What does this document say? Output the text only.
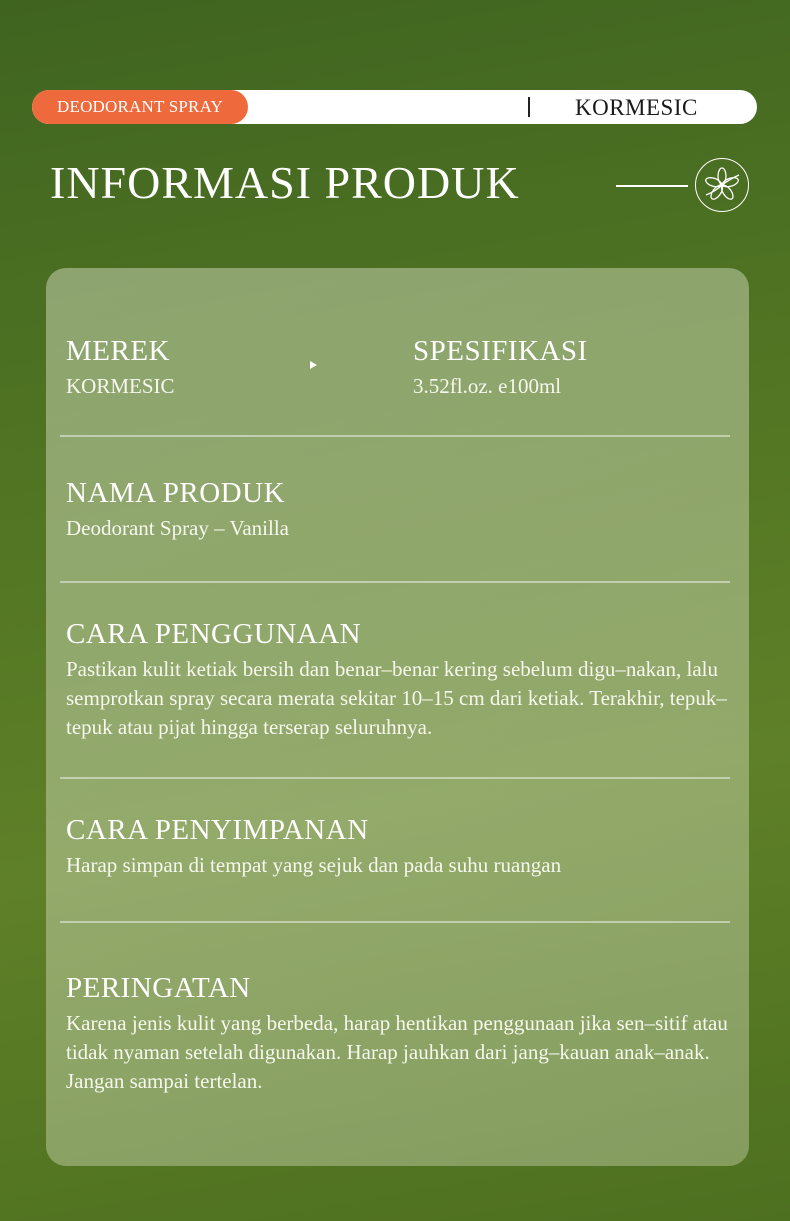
DEODORANT SPRAY	KORMESIC
INFORMASI PRODUK

MEREK

KORMESIC

SPESIFIKASI

3.52fl.oz. e100ml

NAMA PRODUK

Deodorant Spray – Vanilla

CARA PENGGUNAAN

Pastikan kulit ketiak bersih dan benar–benar kering sebelum digu–nakan, lalu semprotkan spray secara merata sekitar 10–15 cm dari ketiak. Terakhir, tepuk–tepuk atau pijat hingga terserap seluruhnya.

CARA PENYIMPANAN

Harap simpan di tempat yang sejuk dan pada suhu ruangan

PERINGATAN

Karena jenis kulit yang berbeda, harap hentikan penggunaan jika sen–sitif atau tidak nyaman setelah digunakan. Harap jauhkan dari jang–kauan anak–anak. Jangan sampai tertelan.
